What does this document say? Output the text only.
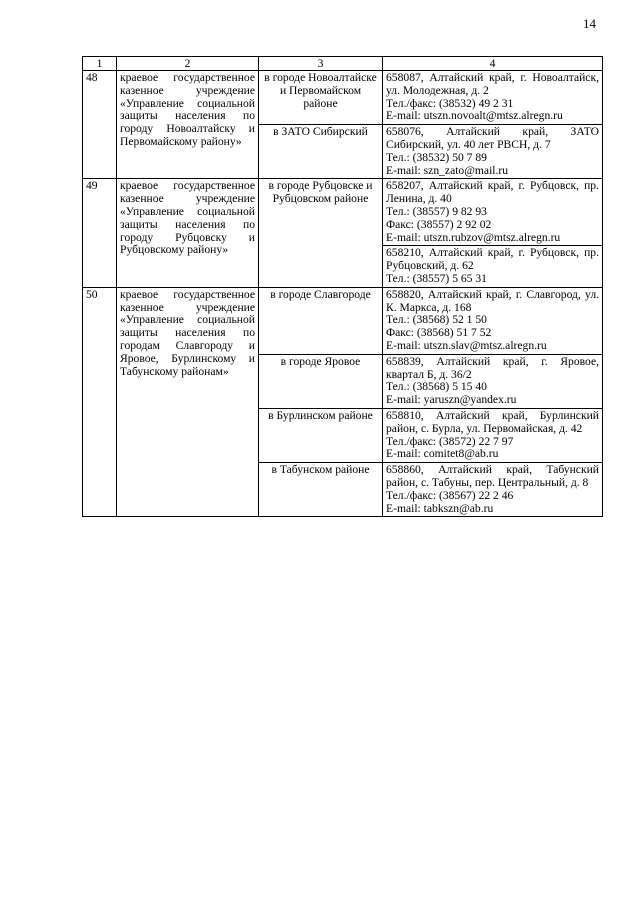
14
1	2	3	4
48	краевое государственное казенное учреждение «Управление социальной защиты населения по городу Новоалтайску и Первомайскому району»	в городе Новоалтайске и Первомайском районе	658087, Алтайский край, г. Новоалтайск, ул. Молодежная, д. 2
Тел./факс: (38532) 49 2 31
E-mail: utszn.novoalt@mtsz.alregn.ru

		в ЗАТО Сибирский	658076, Алтайский край, ЗАТО Сибирский, ул. 40 лет РВСН, д. 7
Тел.: (38532) 50 7 89
E-mail: szn_zato@mail.ru

49	краевое государственное казенное учреждение «Управление социальной защиты населения по городу Рубцовску и Рубцовскому району»	в городе Рубцовске и Рубцовском районе	658207, Алтайский край, г. Рубцовск, пр. Ленина, д. 40
Тел.: (38557) 9 82 93
Факс: (38557) 2 92 02
E-mail: utszn.rubzov@mtsz.alregn.ru

			658210, Алтайский край, г. Рубцовск, пр. Рубцовский, д. 62
Тел.: (38557) 5 65 31

50	краевое государственное казенное учреждение «Управление социальной защиты населения по городам Славгороду и Яровое, Бурлинскому и Табунскому районам»	в городе Славгороде	658820, Алтайский край, г. Славгород, ул. К. Маркса, д. 168
Тел.: (38568) 52 1 50
Факс: (38568) 51 7 52
E-mail: utszn.slav@mtsz.alregn.ru

		в городе Яровое	658839, Алтайский край, г. Яровое, квартал Б, д. 36/2
Тел.: (38568) 5 15 40
E-mail: yaruszn@yandex.ru

		в Бурлинском районе	658810, Алтайский край, Бурлинский район, с. Бурла, ул. Первомайская, д. 42
Тел./факс: (38572) 22 7 97
E-mail: comitet8@ab.ru

		в Табунском районе	658860, Алтайский край, Табунский район, с. Табуны, пер. Центральный, д. 8
Тел./факс: (38567) 22 2 46
E-mail: tabkszn@ab.ru
